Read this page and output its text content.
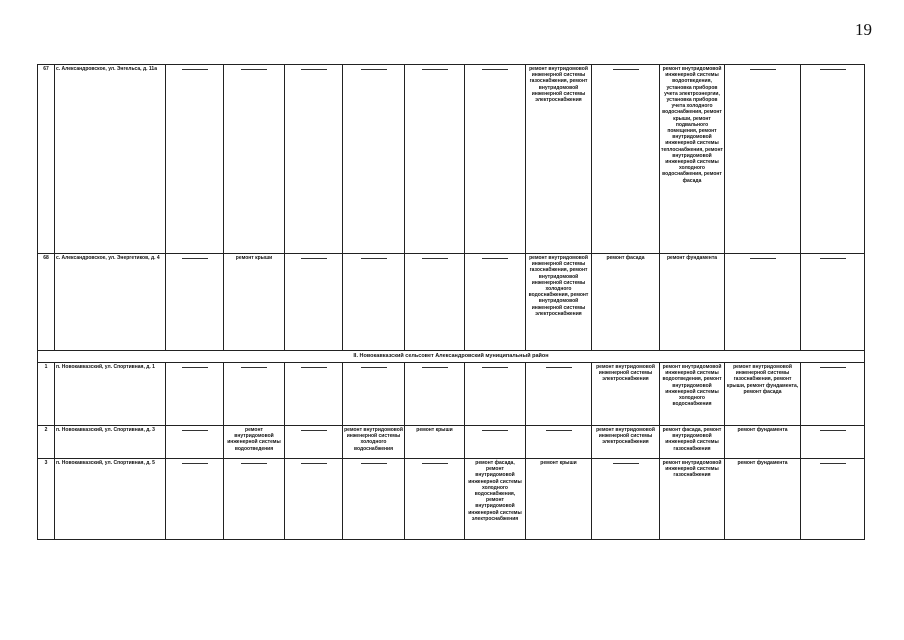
19
67	с. Александровское, ул. Энгельса, д. 11а							ремонт внутридомовой инженерной системы газоснабжения, ремонт внутридомовой инженерной системы электроснабжения		ремонт внутридомовой инженерной системы водоотведения, установка приборов учета электроэнергии, установка приборов учета холодного водоснабжения, ремонт крыши, ремонт подвального помещения, ремонт внутридомовой инженерной системы теплоснабжения, ремонт внутридомовой инженерной системы холодного водоснабжения, ремонт фасада	

68	с. Александровское, ул. Энергетиков, д. 4		ремонт крыши					ремонт внутридомовой инженерной системы газоснабжения, ремонт внутридомовой инженерной системы холодного водоснабжения, ремонт внутридомовой инженерной системы электроснабжения	ремонт фасада	ремонт фундамента	

II. Новокавказский сельсовет Александровский муниципальный район												
1	п. Новокавказский, ул. Спортивная, д. 1								ремонт внутридомовой инженерной системы электроснабжения	ремонт внутридомовой инженерной системы водоотведения, ремонт внутридомовой инженерной системы холодного водоснабжения	ремонт внутридомовой инженерной системы газоснабжения, ремонт крыши, ремонт фундамента, ремонт фасада	

2	п. Новокавказский, ул. Спортивная, д. 3		ремонт внутридомовой инженерной системы водоотведения		ремонт внутридомовой инженерной системы холодного водоснабжения	ремонт крыши			ремонт внутридомовой инженерной системы электроснабжения	ремонт фасада, ремонт внутридомовой инженерной системы газоснабжения	ремонт фундамента	

3	п. Новокавказский, ул. Спортивная, д. 5						ремонт фасада, ремонт внутридомовой инженерной системы холодного водоснабжения, ремонт внутридомовой инженерной системы электроснабжения	ремонт крыши		ремонт внутридомовой инженерной системы газоснабжения	ремонт фундамента	
